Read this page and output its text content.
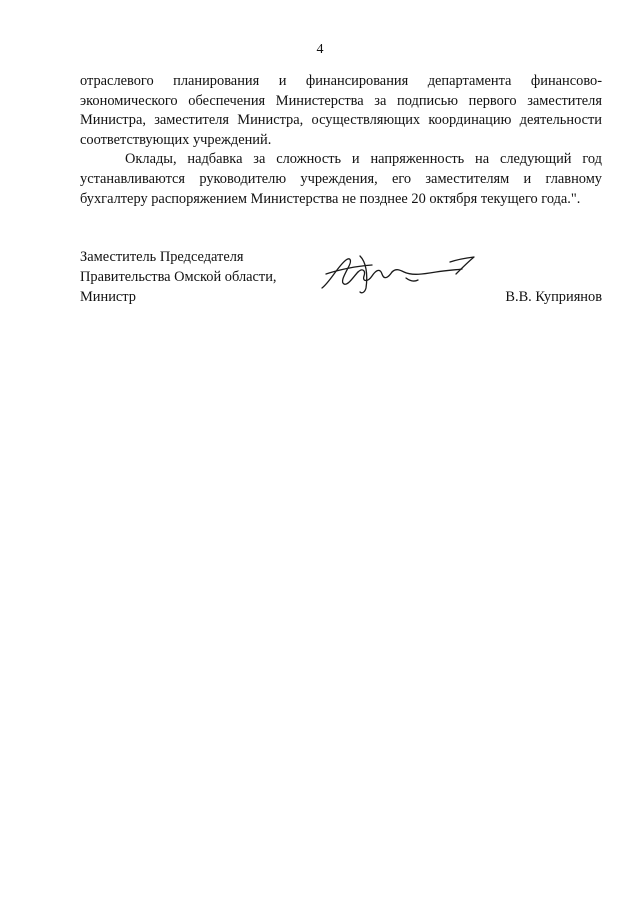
4

отраслевого планирования и финансирования департамента финансово-экономического обеспечения Министерства за подписью первого заместителя Министра, заместителя Министра, осуществляющих координацию деятельности соответствующих учреждений.

Оклады, надбавка за сложность и напряженность на следующий год устанавливаются руководителю учреждения, его заместителям и главному бухгалтеру распоряжением Министерства не позднее 20 октября текущего года.".

Заместитель Председателя
Правительства Омской области,
Министр	В.В. Куприянов
